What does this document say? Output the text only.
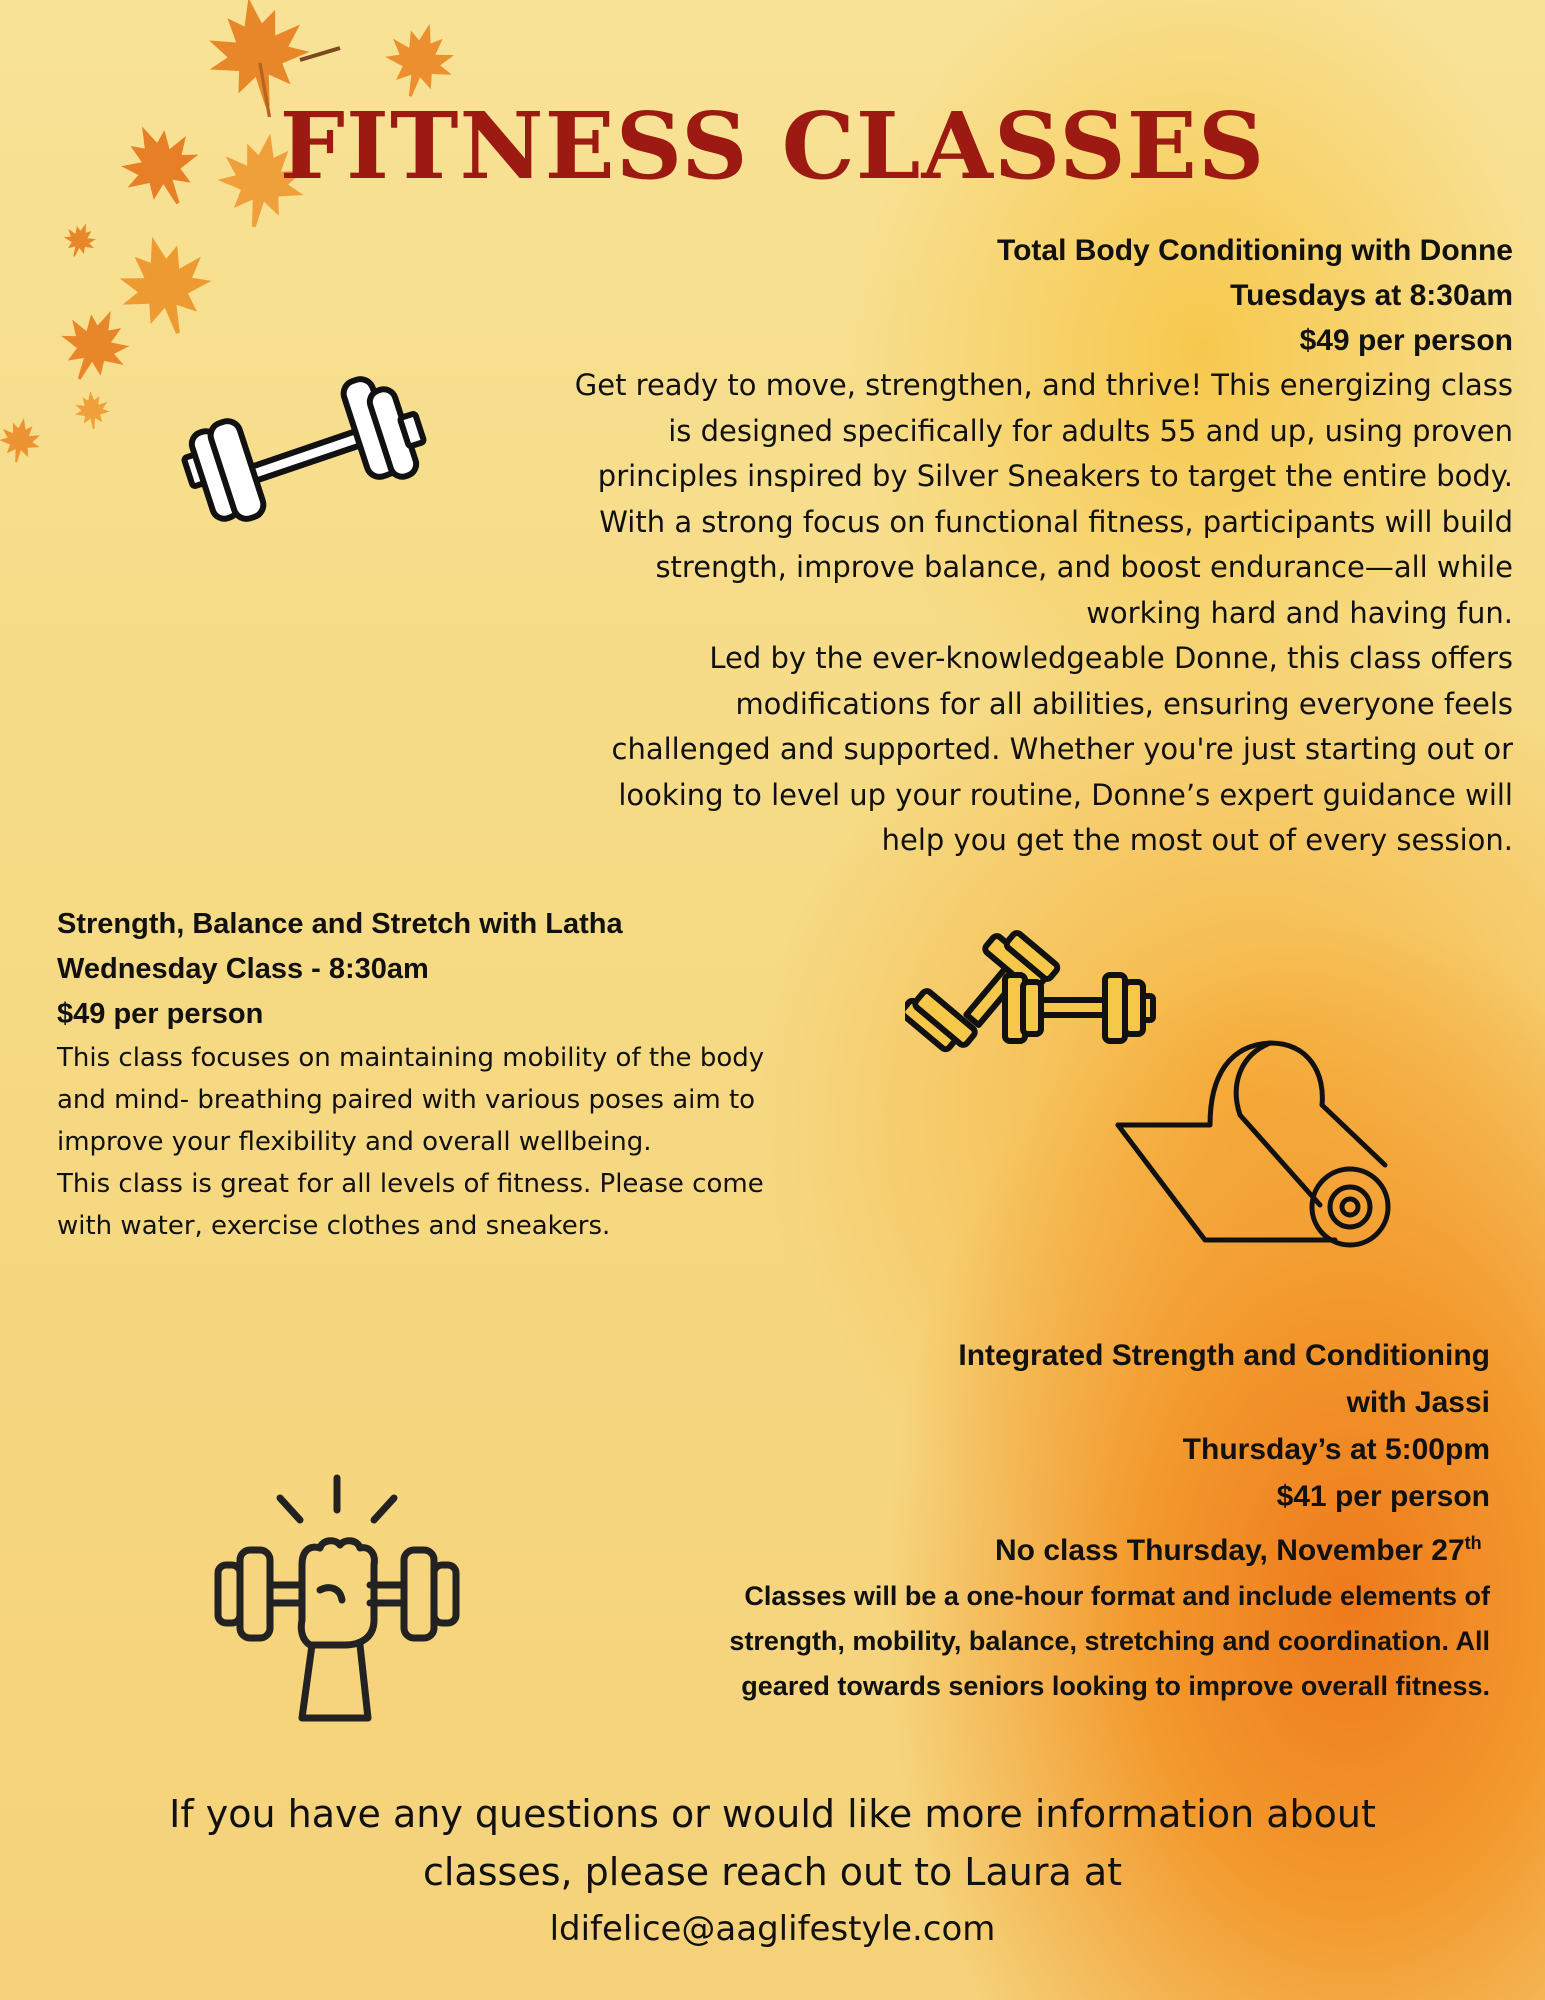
FITNESS CLASSES
Total Body Conditioning with Donne
Tuesdays at 8:30am
$49 per person
Get ready to move, strengthen, and thrive! This energizing class
is designed specifically for adults 55 and up, using proven
principles inspired by Silver Sneakers to target the entire body.
With a strong focus on functional fitness, participants will build
strength, improve balance, and boost endurance—all while
working hard and having fun.
Led by the ever-knowledgeable Donne, this class offers
modifications for all abilities, ensuring everyone feels
challenged and supported. Whether you're just starting out or
looking to level up your routine, Donne’s expert guidance will
help you get the most out of every session.
Strength, Balance and Stretch with Latha
Wednesday Class - 8:30am
$49 per person
This class focuses on maintaining mobility of the body
and mind- breathing paired with various poses aim to
improve your flexibility and overall wellbeing.
This class is great for all levels of fitness. Please come
with water, exercise clothes and sneakers.
Integrated Strength and Conditioning
with Jassi
Thursday’s at 5:00pm
$41 per person
No class Thursday, November 27th
Classes will be a one-hour format and include elements of
strength, mobility, balance, stretching and coordination. All
geared towards seniors looking to improve overall fitness.
If you have any questions or would like more information about
classes, please reach out to Laura at
ldifelice@aaglifestyle.com
